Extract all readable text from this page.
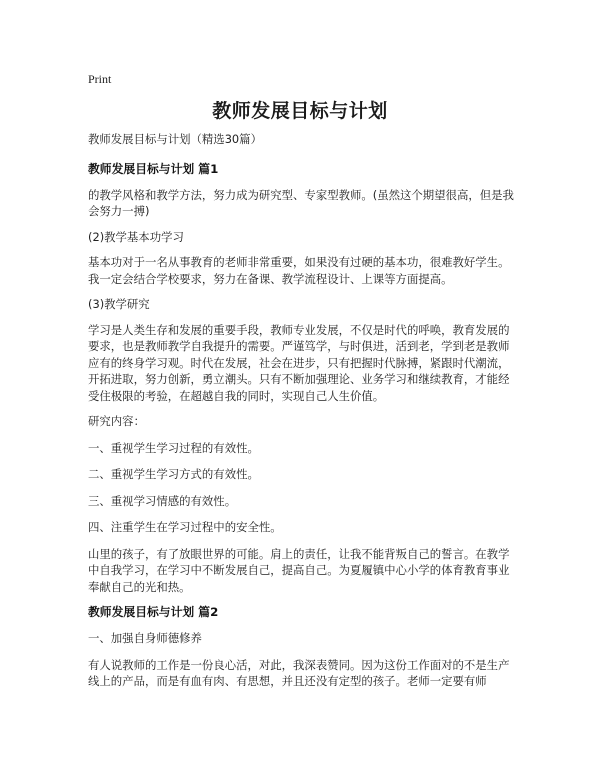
Print
教师发展目标与计划

教师发展目标与计划（精选30篇）

教师发展目标与计划 篇1

的教学风格和教学方法，努力成为研究型、专家型教师。(虽然这个期望很高，但是我会努力一搏)

(2)教学基本功学习

基本功对于一名从事教育的老师非常重要，如果没有过硬的基本功，很难教好学生。我一定会结合学校要求，努力在备课、教学流程设计、上课等方面提高。

(3)教学研究

学习是人类生存和发展的重要手段，教师专业发展，不仅是时代的呼唤，教育发展的要求，也是教师教学自我提升的需要。严谨笃学，与时俱进，活到老，学到老是教师应有的终身学习观。时代在发展，社会在进步，只有把握时代脉搏，紧跟时代潮流，开拓进取，努力创新，勇立潮头。只有不断加强理论、业务学习和继续教育，才能经受住极限的考验，在超越自我的同时，实现自己人生价值。

研究内容：

一、重视学生学习过程的有效性。

二、重视学生学习方式的有效性。

三、重视学习情感的有效性。

四、注重学生在学习过程中的安全性。

山里的孩子，有了放眼世界的可能。肩上的责任，让我不能背叛自己的誓言。在教学中自我学习，在学习中不断发展自己，提高自己。为夏履镇中心小学的体育教育事业奉献自己的光和热。

教师发展目标与计划 篇2

一、加强自身师德修养

有人说教师的工作是一份良心活，对此，我深表赞同。因为这份工作面对的不是生产线上的产品，而是有血有肉、有思想，并且还没有定型的孩子。老师一定要有师
